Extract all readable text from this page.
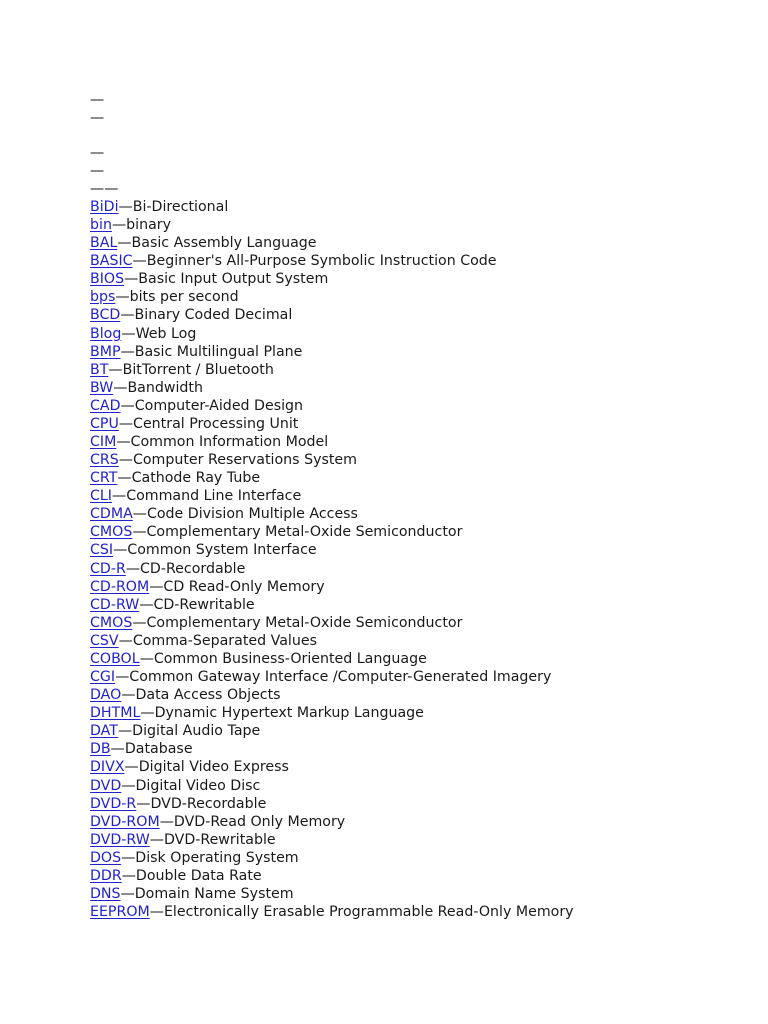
—
—
—
—
——
BiDi—Bi-Directional
bin—binary
BAL—Basic Assembly Language
BASIC—Beginner's All-Purpose Symbolic Instruction Code
BIOS—Basic Input Output System
bps—bits per second
BCD—Binary Coded Decimal
Blog—Web Log
BMP—Basic Multilingual Plane
BT—BitTorrent / Bluetooth
BW—Bandwidth
CAD—Computer-Aided Design
CPU—Central Processing Unit
CIM—Common Information Model
CRS—Computer Reservations System
CRT—Cathode Ray Tube
CLI—Command Line Interface
CDMA—Code Division Multiple Access
CMOS—Complementary Metal-Oxide Semiconductor
CSI—Common System Interface
CD-R—CD-Recordable
CD-ROM—CD Read-Only Memory
CD-RW—CD-Rewritable
CMOS—Complementary Metal-Oxide Semiconductor
CSV—Comma-Separated Values
COBOL—Common Business-Oriented Language
CGI—Common Gateway Interface /Computer-Generated Imagery
DAO—Data Access Objects
DHTML—Dynamic Hypertext Markup Language
DAT—Digital Audio Tape
DB—Database
DIVX—Digital Video Express
DVD—Digital Video Disc
DVD-R—DVD-Recordable
DVD-ROM—DVD-Read Only Memory
DVD-RW—DVD-Rewritable
DOS—Disk Operating System
DDR—Double Data Rate
DNS—Domain Name System
EEPROM—Electronically Erasable Programmable Read-Only Memory
